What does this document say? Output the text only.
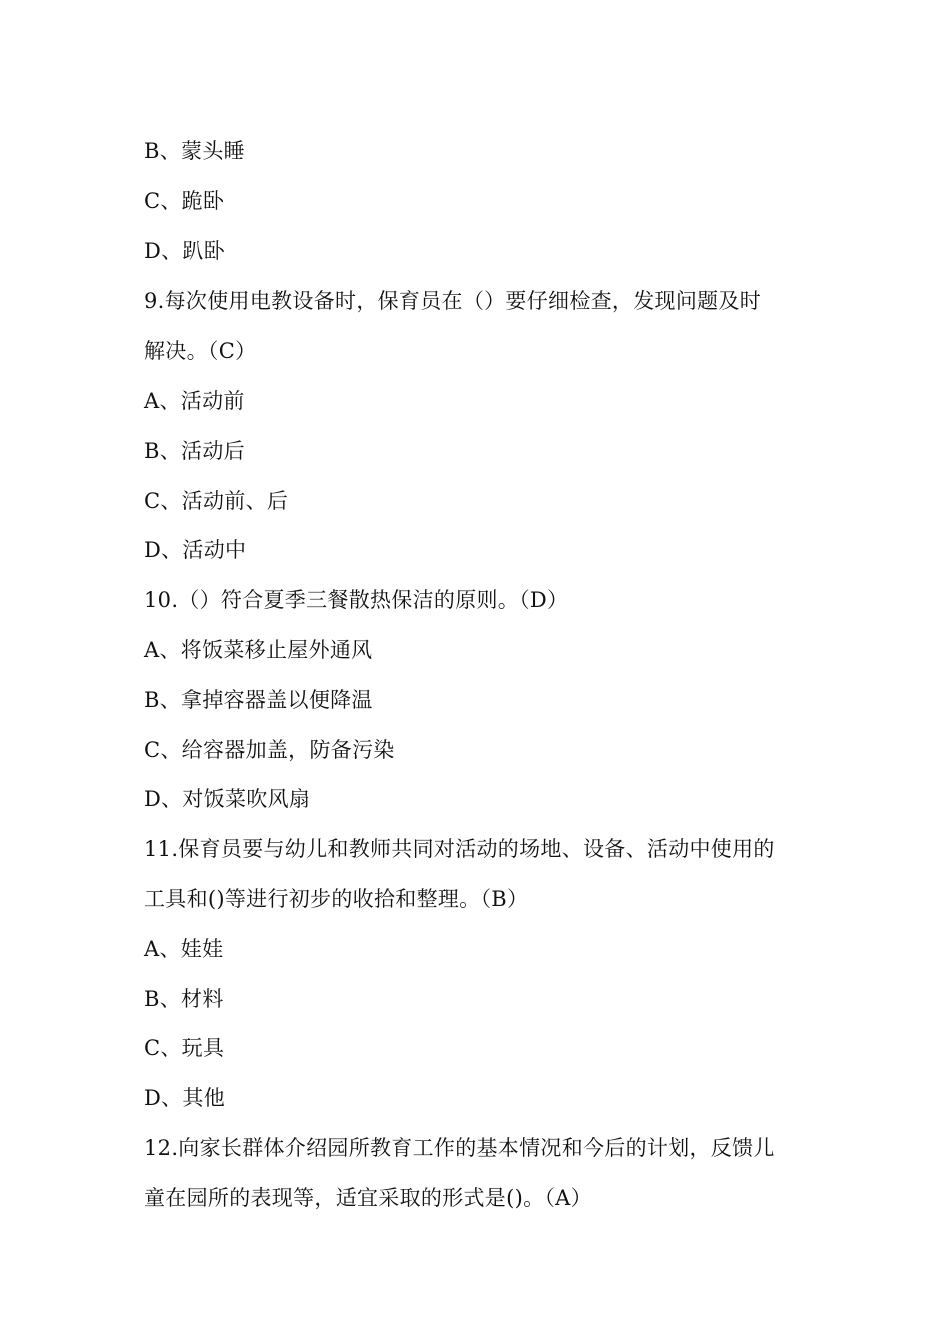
B、蒙头睡
C、跪卧
D、趴卧
9.每次使用电教设备时，保育员在（）要仔细检查，发现问题及时
解决。（C）
A、活动前
B、活动后
C、活动前、后
D、活动中
10.（）符合夏季三餐散热保洁的原则。（D）
A、将饭菜移止屋外通风
B、拿掉容器盖以便降温
C、给容器加盖，防备污染
D、对饭菜吹风扇
11.保育员要与幼儿和教师共同对活动的场地、设备、活动中使用的
工具和()等进行初步的收拾和整理。（B）
A、娃娃
B、材料
C、玩具
D、其他
12.向家长群体介绍园所教育工作的基本情况和今后的计划，反馈儿
童在园所的表现等，适宜采取的形式是()。（A）
